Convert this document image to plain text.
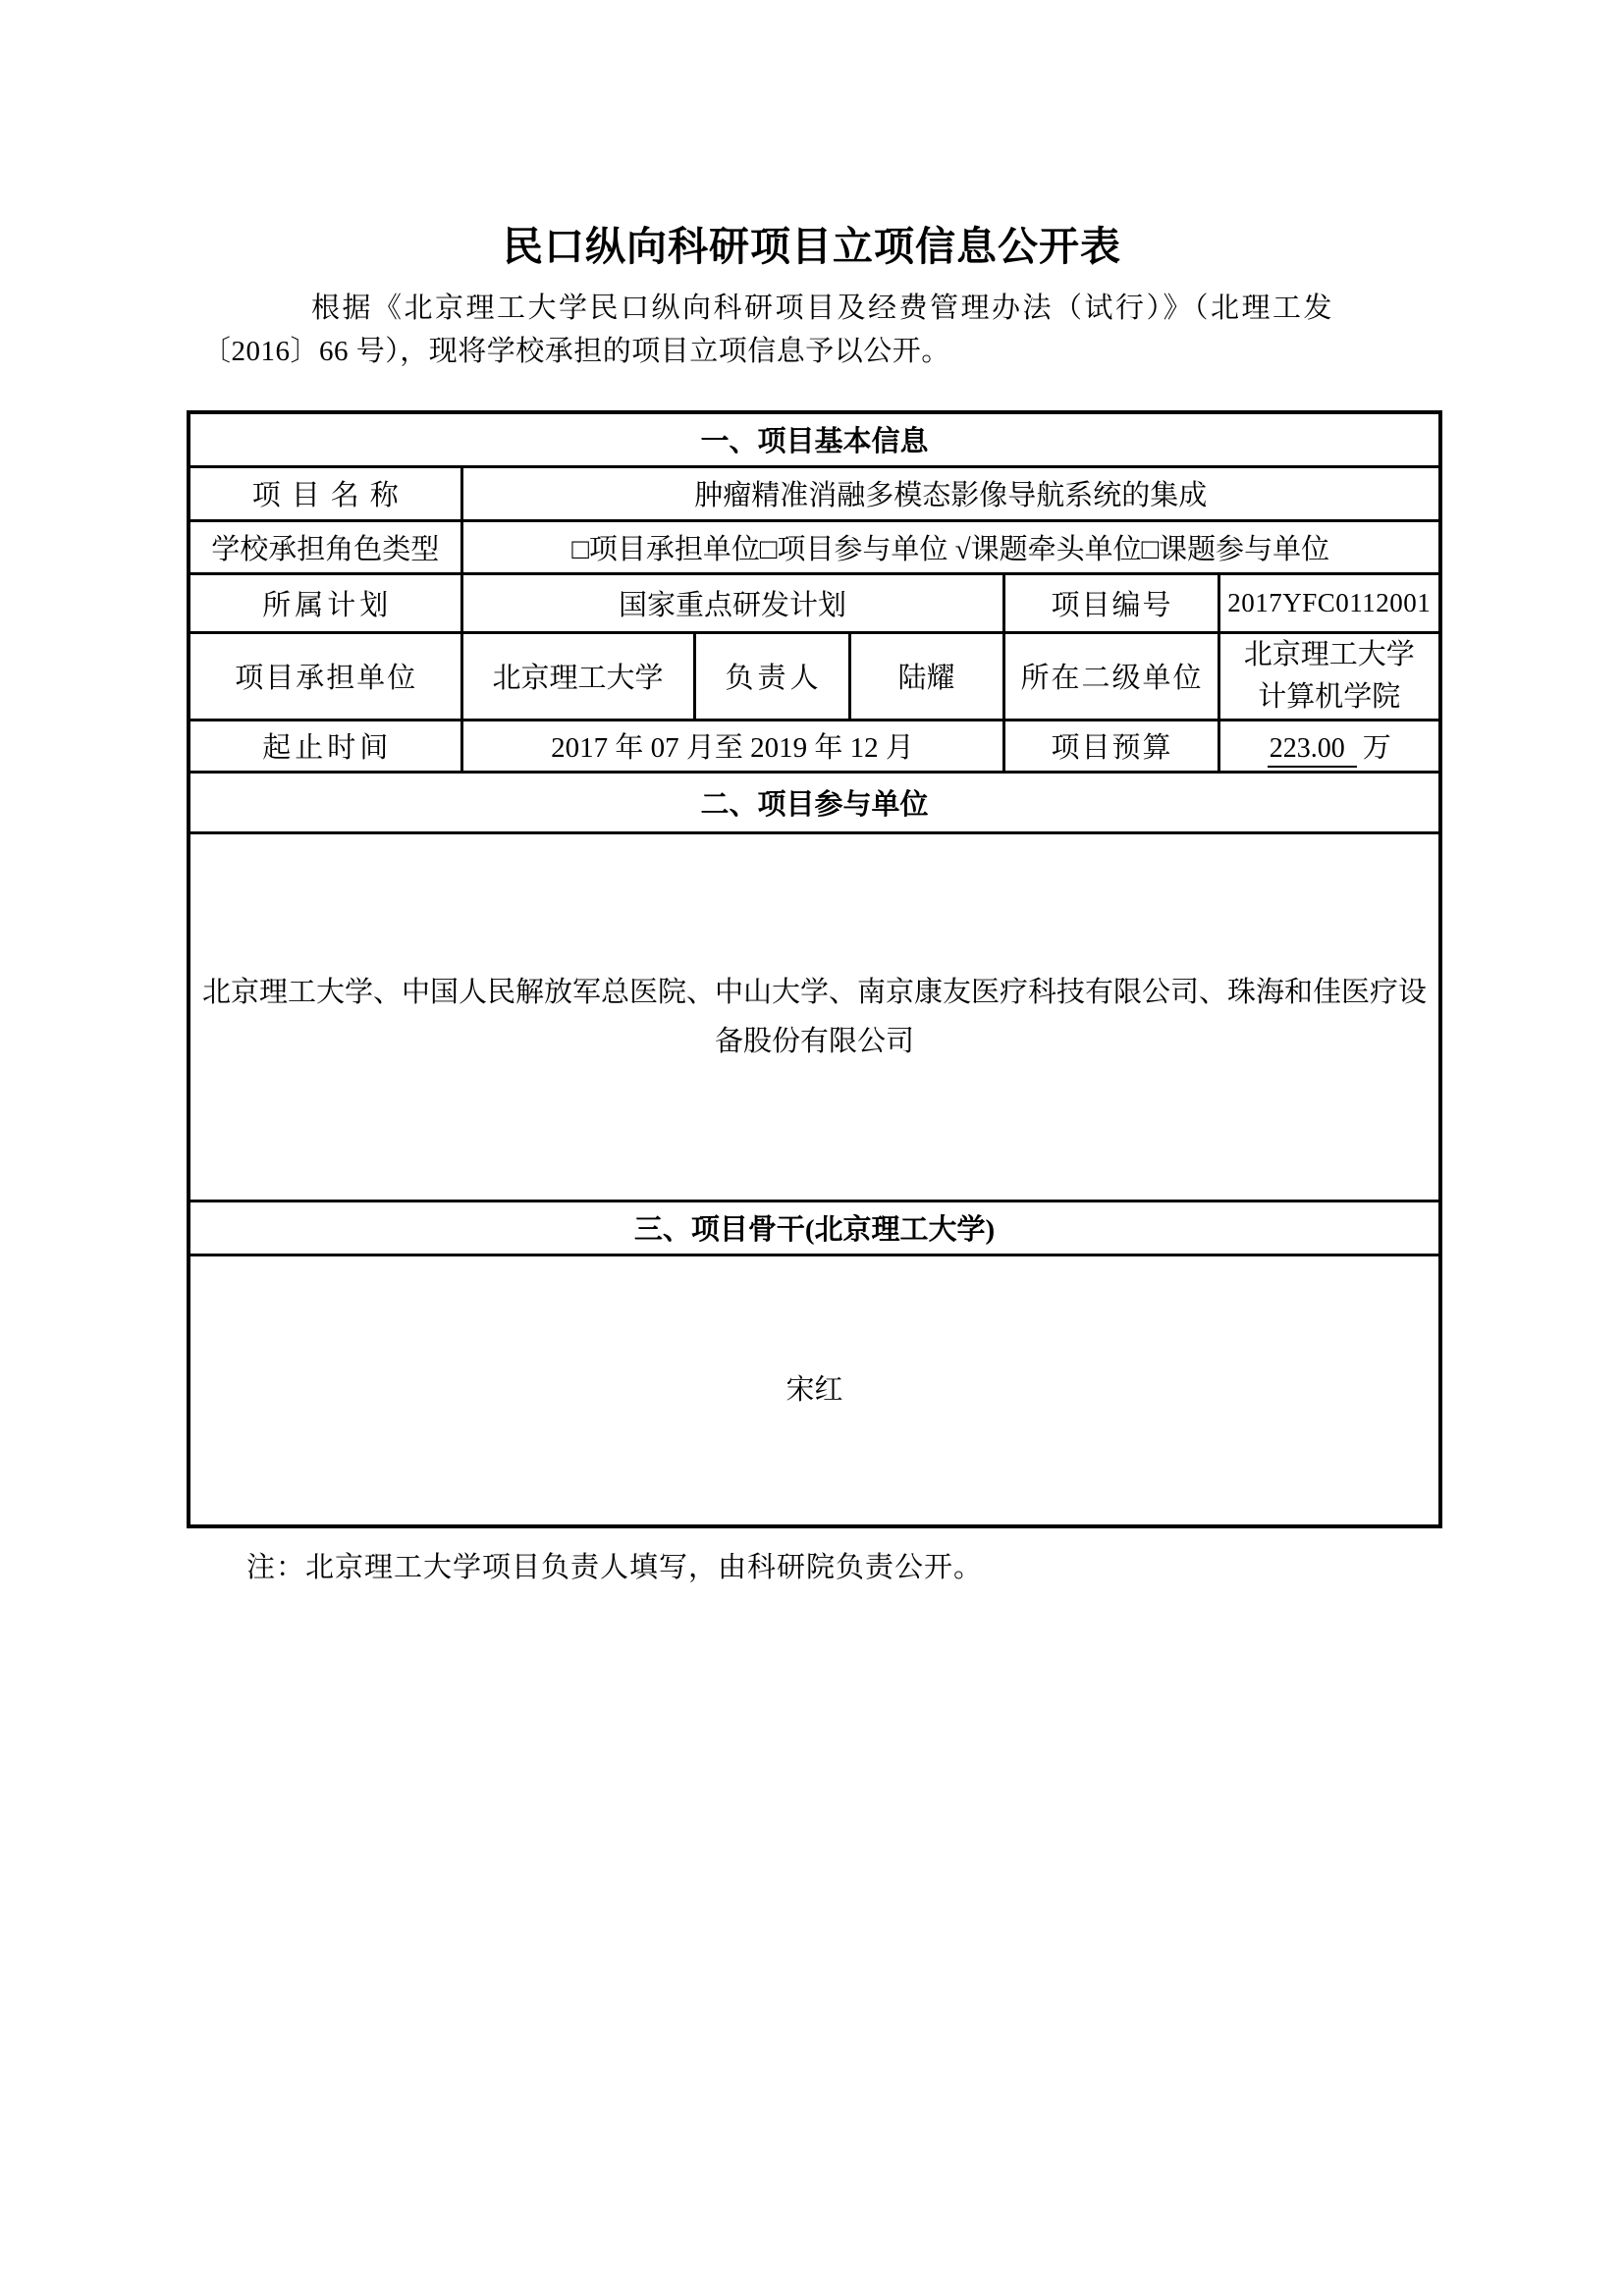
民口纵向科研项目立项信息公开表
根据《北京理工大学民口纵向科研项目及经费管理办法（试行）》（北理工发
〔2016〕66 号），现将学校承担的项目立项信息予以公开。
一、项目基本信息					
项目名称	肿瘤精准消融多模态影像导航系统的集成				
学校承担角色类型	□项目承担单位□项目参与单位 √课题牵头单位□课题参与单位				
所属计划	国家重点研发计划			项目编号	2017YFC0112001
项目承担单位	北京理工大学	负责人	陆耀	所在二级单位	北京理工大学
计算机学院
起止时间	2017 年 07 月至 2019 年 12 月			项目预算	223.00 万
二、项目参与单位					
北京理工大学、中国人民解放军总医院、中山大学、南京康友医疗科技有限公司、珠海和佳医疗设备股份有限公司					
三、项目骨干(北京理工大学)					
宋红					
注：北京理工大学项目负责人填写，由科研院负责公开。
